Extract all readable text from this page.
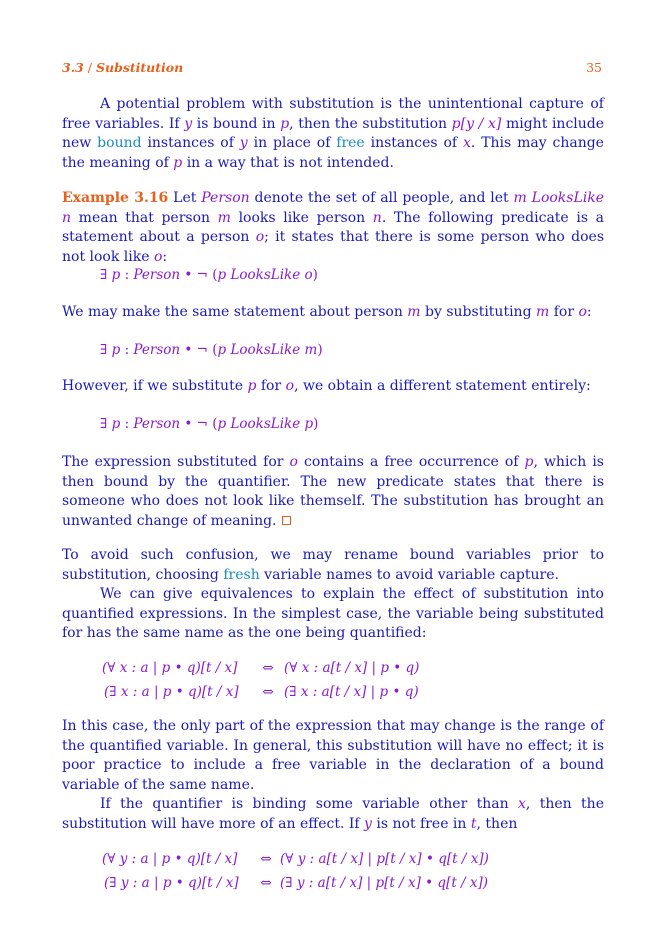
3.3 / Substitution	35

A potential problem with substitution is the unintentional capture of free variables. If y is bound in p, then the substitution p[y / x] might include new bound instances of y in place of free instances of x. This may change the meaning of p in a way that is not intended.

Example 3.16 Let Person denote the set of all people, and let m LooksLike n mean that person m looks like person n. The following predicate is a statement about a person o; it states that there is some person who does not look like o:

∃ p : Person • ¬ (p LooksLike o)

We may make the same statement about person m by substituting m for o:

∃ p : Person • ¬ (p LooksLike m)

However, if we substitute p for o, we obtain a different statement entirely:

∃ p : Person • ¬ (p LooksLike p)

The expression substituted for o contains a free occurrence of p, which is then bound by the quantifier. The new predicate states that there is someone who does not look like themself. The substitution has brought an unwanted change of meaning.

To avoid such confusion, we may rename bound variables prior to substitution, choosing fresh variable names to avoid variable capture.

We can give equivalences to explain the effect of substitution into quantified expressions. In the simplest case, the variable being substituted for has the same name as the one being quantified:

(∀ x : a | p • q)[t / x] ⇔ (∀ x : a[t / x] | p • q)
(∃ x : a | p • q)[t / x] ⇔ (∃ x : a[t / x] | p • q)

In this case, the only part of the expression that may change is the range of the quantified variable. In general, this substitution will have no effect; it is poor practice to include a free variable in the declaration of a bound variable of the same name.

If the quantifier is binding some variable other than x, then the substitution will have more of an effect. If y is not free in t, then

(∀ y : a | p • q)[t / x] ⇔ (∀ y : a[t / x] | p[t / x] • q[t / x])
(∃ y : a | p • q)[t / x] ⇔ (∃ y : a[t / x] | p[t / x] • q[t / x])
